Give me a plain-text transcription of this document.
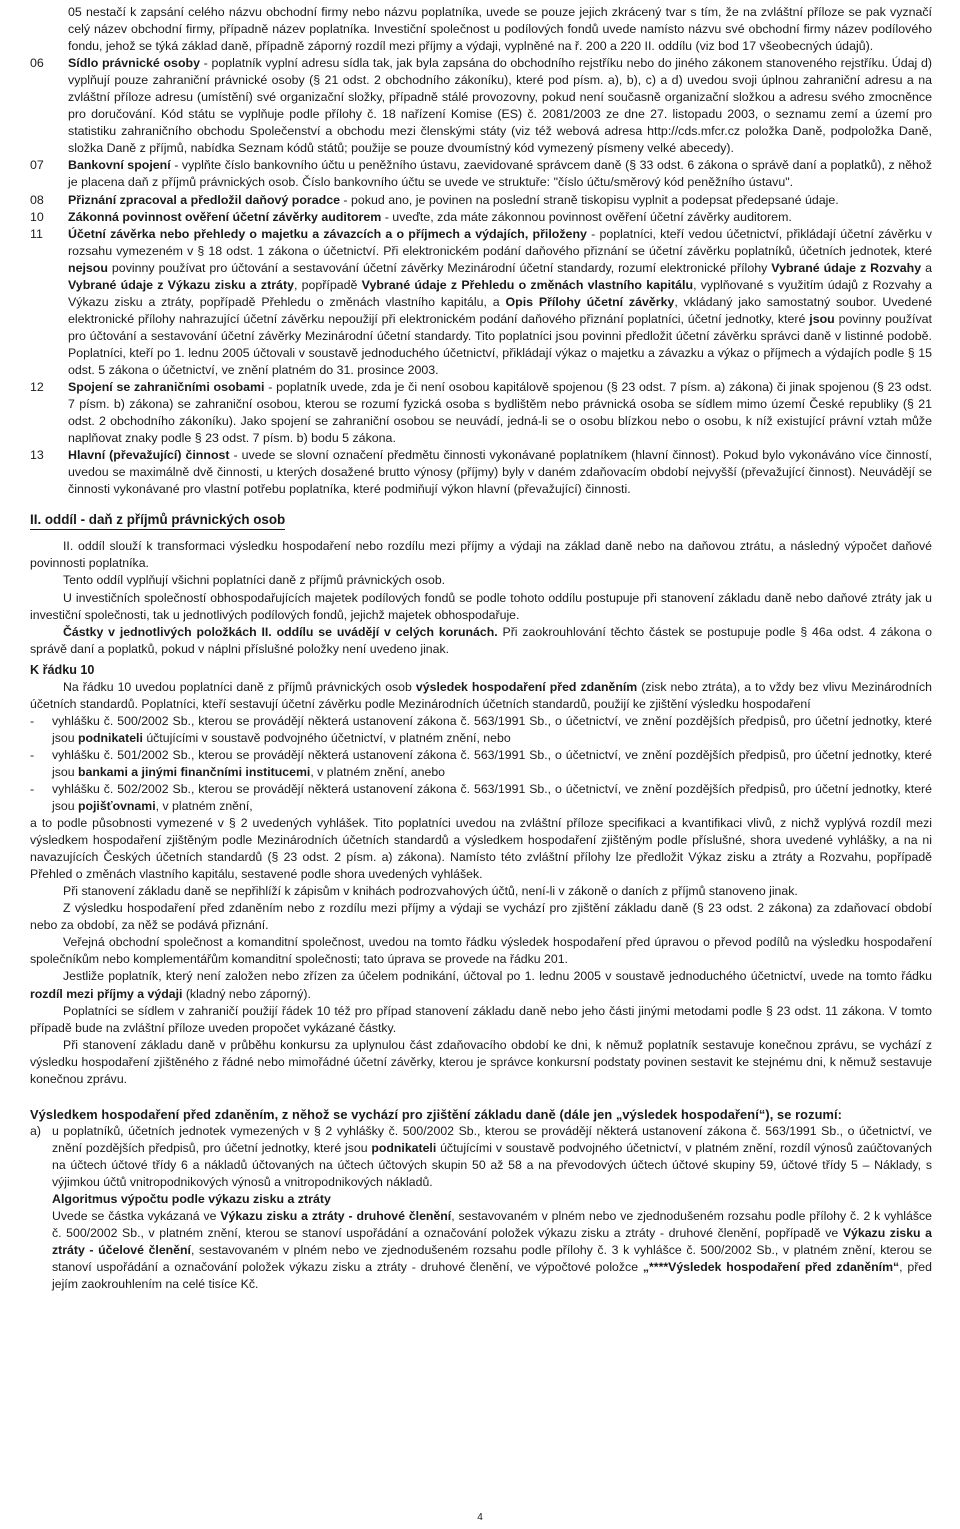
05 nestačí k zapsání celého názvu obchodní firmy nebo názvu poplatníka, uvede se pouze jejich zkrácený tvar s tím, že na zvláštní příloze se pak vyznačí celý název obchodní firmy, případně název poplatníka. Investiční společnost u podílových fondů uvede namísto názvu své obchodní firmy název podílového fondu, jehož se týká základ daně, případně záporný rozdíl mezi příjmy a výdaji, vyplněné na ř. 200 a 220 II. oddílu (viz bod 17 všeobecných údajů).
06	Sídlo právnické osoby - poplatník vyplní adresu sídla tak, jak byla zapsána do obchodního rejstříku nebo do jiného zákonem stanoveného rejstříku. Údaj d) vyplňují pouze zahraniční právnické osoby (§ 21 odst. 2 obchodního zákoníku), které pod písm. a), b), c) a d) uvedou svoji úplnou zahraniční adresu a na zvláštní příloze adresu (umístění) své organizační složky, případně stálé provozovny, pokud není současně organizační složkou a adresu svého zmocněnce pro doručování. Kód státu se vyplňuje podle přílohy č. 18 nařízení Komise (ES) č. 2081/2003 ze dne 27. listopadu 2003, o seznamu zemí a území pro statistiku zahraničního obchodu Společenství a obchodu mezi členskými státy (viz též webová adresa http://cds.mfcr.cz položka Daně, podpoložka Daně, složka Daně z příjmů, nabídka Seznam kódů států; použije se pouze dvoumístný kód vymezený písmeny velké abecedy).
07	Bankovní spojení - vyplňte číslo bankovního účtu u peněžního ústavu, zaevidované správcem daně (§ 33 odst. 6 zákona o správě daní a poplatků), z něhož je placena daň z příjmů právnických osob. Číslo bankovního účtu se uvede ve struktuře: "číslo účtu/směrový kód peněžního ústavu".
08	Přiznání zpracoval a předložil daňový poradce - pokud ano, je povinen na poslední straně tiskopisu vyplnit a podepsat předepsané údaje.
10	Zákonná povinnost ověření účetní závěrky auditorem - uveďte, zda máte zákonnou povinnost ověření účetní závěrky auditorem.
11	Účetní závěrka nebo přehledy o majetku a závazcích a o příjmech a výdajích, přiloženy - poplatníci, kteří vedou účetnictví, přikládají účetní závěrku v rozsahu vymezeném v § 18 odst. 1 zákona o účetnictví. Při elektronickém podání daňového přiznání se účetní závěrku poplatníků, účetních jednotek, které nejsou povinny používat pro účtování a sestavování účetní závěrky Mezinárodní účetní standardy, rozumí elektronické přílohy Vybrané údaje z Rozvahy a Vybrané údaje z Výkazu zisku a ztráty, popřípadě Vybrané údaje z Přehledu o změnách vlastního kapitálu, vyplňované s využitím údajů z Rozvahy a Výkazu zisku a ztráty, popřípadě Přehledu o změnách vlastního kapitálu, a Opis Přílohy účetní závěrky, vkládaný jako samostatný soubor. Uvedené elektronické přílohy nahrazující účetní závěrku nepoužijí při elektronickém podání daňového přiznání poplatníci, účetní jednotky, které jsou povinny používat pro účtování a sestavování účetní závěrky Mezinárodní účetní standardy. Tito poplatníci jsou povinni předložit účetní závěrku správci daně v listinné podobě. Poplatníci, kteří po 1. lednu 2005 účtovali v soustavě jednoduchého účetnictví, přikládají výkaz o majetku a závazku a výkaz o příjmech a výdajích podle § 15 odst. 5 zákona o účetnictví, ve znění platném do 31. prosince 2003.
12	Spojení se zahraničními osobami - poplatník uvede, zda je či není osobou kapitálově spojenou (§ 23 odst. 7 písm. a) zákona) či jinak spojenou (§ 23 odst. 7 písm. b) zákona) se zahraniční osobou, kterou se rozumí fyzická osoba s bydlištěm nebo právnická osoba se sídlem mimo území České republiky (§ 21 odst. 2 obchodního zákoníku). Jako spojení se zahraniční osobou se neuvádí, jedná-li se o osobu blízkou nebo o osobu, k níž existující právní vztah může naplňovat znaky podle § 23 odst. 7 písm. b) bodu 5 zákona.
13	Hlavní (převažující) činnost - uvede se slovní označení předmětu činnosti vykonávané poplatníkem (hlavní činnost). Pokud bylo vykonáváno více činností, uvedou se maximálně dvě činnosti, u kterých dosažené brutto výnosy (příjmy) byly v daném zdaňovacím období nejvyšší (převažující činnost). Neuvádějí se činnosti vykonávané pro vlastní potřebu poplatníka, které podmiňují výkon hlavní (převažující) činnosti.
II. oddíl - daň z příjmů právnických osob

II. oddíl slouží k transformaci výsledku hospodaření nebo rozdílu mezi příjmy a výdaji na základ daně nebo na daňovou ztrátu, a následný výpočet daňové povinnosti poplatníka.

Tento oddíl vyplňují všichni poplatníci daně z příjmů právnických osob.

U investičních společností obhospodařujících majetek podílových fondů se podle tohoto oddílu postupuje při stanovení základu daně nebo daňové ztráty jak u investiční společnosti, tak u jednotlivých podílových fondů, jejichž majetek obhospodařuje.

Částky v jednotlivých položkách II. oddílu se uvádějí v celých korunách. Při zaokrouhlování těchto částek se postupuje podle § 46a odst. 4 zákona o správě daní a poplatků, pokud v náplni příslušné položky není uvedeno jinak.

K řádku 10

Na řádku 10 uvedou poplatníci daně z příjmů právnických osob výsledek hospodaření před zdaněním (zisk nebo ztráta), a to vždy bez vlivu Mezinárodních účetních standardů. Poplatníci, kteří sestavují účetní závěrku podle Mezinárodních účetních standardů, použijí ke zjištění výsledku hospodaření

-	vyhlášku č. 500/2002 Sb., kterou se provádějí některá ustanovení zákona č. 563/1991 Sb., o účetnictví, ve znění pozdějších předpisů, pro účetní jednotky, které jsou podnikateli účtujícími v soustavě podvojného účetnictví, v platném znění, nebo
-	vyhlášku č. 501/2002 Sb., kterou se provádějí některá ustanovení zákona č. 563/1991 Sb., o účetnictví, ve znění pozdějších předpisů, pro účetní jednotky, které jsou bankami a jinými finančními institucemi, v platném znění, anebo
-	vyhlášku č. 502/2002 Sb., kterou se provádějí některá ustanovení zákona č. 563/1991 Sb., o účetnictví, ve znění pozdějších předpisů, pro účetní jednotky, které jsou pojišťovnami, v platném znění,

a to podle působnosti vymezené v § 2 uvedených vyhlášek. Tito poplatníci uvedou na zvláštní příloze specifikaci a kvantifikaci vlivů, z nichž vyplývá rozdíl mezi výsledkem hospodaření zjištěným podle Mezinárodních účetních standardů a výsledkem hospodaření zjištěným podle příslušné, shora uvedené vyhlášky, a na ni navazujících Českých účetních standardů (§ 23 odst. 2 písm. a) zákona). Namísto této zvláštní přílohy lze předložit Výkaz zisku a ztráty a Rozvahu, popřípadě Přehled o změnách vlastního kapitálu, sestavené podle shora uvedených vyhlášek.

Při stanovení základu daně se nepřihlíží k zápisům v knihách podrozvahových účtů, není-li v zákoně o daních z příjmů stanoveno jinak.

Z výsledku hospodaření před zdaněním nebo z rozdílu mezi příjmy a výdaji se vychází pro zjištění základu daně (§ 23 odst. 2 zákona) za zdaňovací období nebo za období, za něž se podává přiznání.

Veřejná obchodní společnost a komanditní společnost, uvedou na tomto řádku výsledek hospodaření před úpravou o převod podílů na výsledku hospodaření společníkům nebo komplementářům komanditní společnosti; tato úprava se provede na řádku 201.

Jestliže poplatník, který není založen nebo zřízen za účelem podnikání, účtoval po 1. lednu 2005 v soustavě jednoduchého účetnictví, uvede na tomto řádku rozdíl mezi příjmy a výdaji (kladný nebo záporný).

Poplatníci se sídlem v zahraničí použijí řádek 10 též pro případ stanovení základu daně nebo jeho části jinými metodami podle § 23 odst. 11 zákona. V tomto případě bude na zvláštní příloze uveden propočet vykázané částky.

Při stanovení základu daně v průběhu konkursu za uplynulou část zdaňovacího období ke dni, k němuž poplatník sestavuje konečnou zprávu, se vychází z výsledku hospodaření zjištěného z řádné nebo mimořádné účetní závěrky, kterou je správce konkursní podstaty povinen sestavit ke stejnému dni, k němuž sestavuje konečnou zprávu.

Výsledkem hospodaření před zdaněním, z něhož se vychází pro zjištění základu daně (dále jen „výsledek hospodaření“), se rozumí:
a) u poplatníků, účetních jednotek vymezených v § 2 vyhlášky č. 500/2002 Sb., kterou se provádějí některá ustanovení zákona č. 563/1991 Sb., o účetnictví, ve znění pozdějších předpisů, pro účetní jednotky, které jsou podnikateli účtujícími v soustavě podvojného účetnictví, v platném znění, rozdíl výnosů zaúčtovaných na účtech účtové třídy 6 a nákladů účtovaných na účtech účtových skupin 50 až 58 a na převodových účtech účtové skupiny 59, účtové třídy 5 – Náklady, s výjimkou účtů vnitropodnikových výnosů a vnitropodnikových nákladů.
Algoritmus výpočtu podle výkazu zisku a ztráty
Uvede se částka vykázaná ve Výkazu zisku a ztráty - druhové členění, sestavovaném v plném nebo ve zjednodušeném rozsahu podle přílohy č. 2 k vyhlášce č. 500/2002 Sb., v platném znění, kterou se stanoví uspořádání a označování položek výkazu zisku a ztráty - druhové členění, popřípadě ve Výkazu zisku a ztráty - účelové členění, sestavovaném v plném nebo ve zjednodušeném rozsahu podle přílohy č. 3 k vyhlášce č. 500/2002 Sb., v platném znění, kterou se stanoví uspořádání a označování položek výkazu zisku a ztráty - druhové členění, ve výpočtové položce „****Výsledek hospodaření před zdaněním“, před jejím zaokrouhlením na celé tisíce Kč.
4
